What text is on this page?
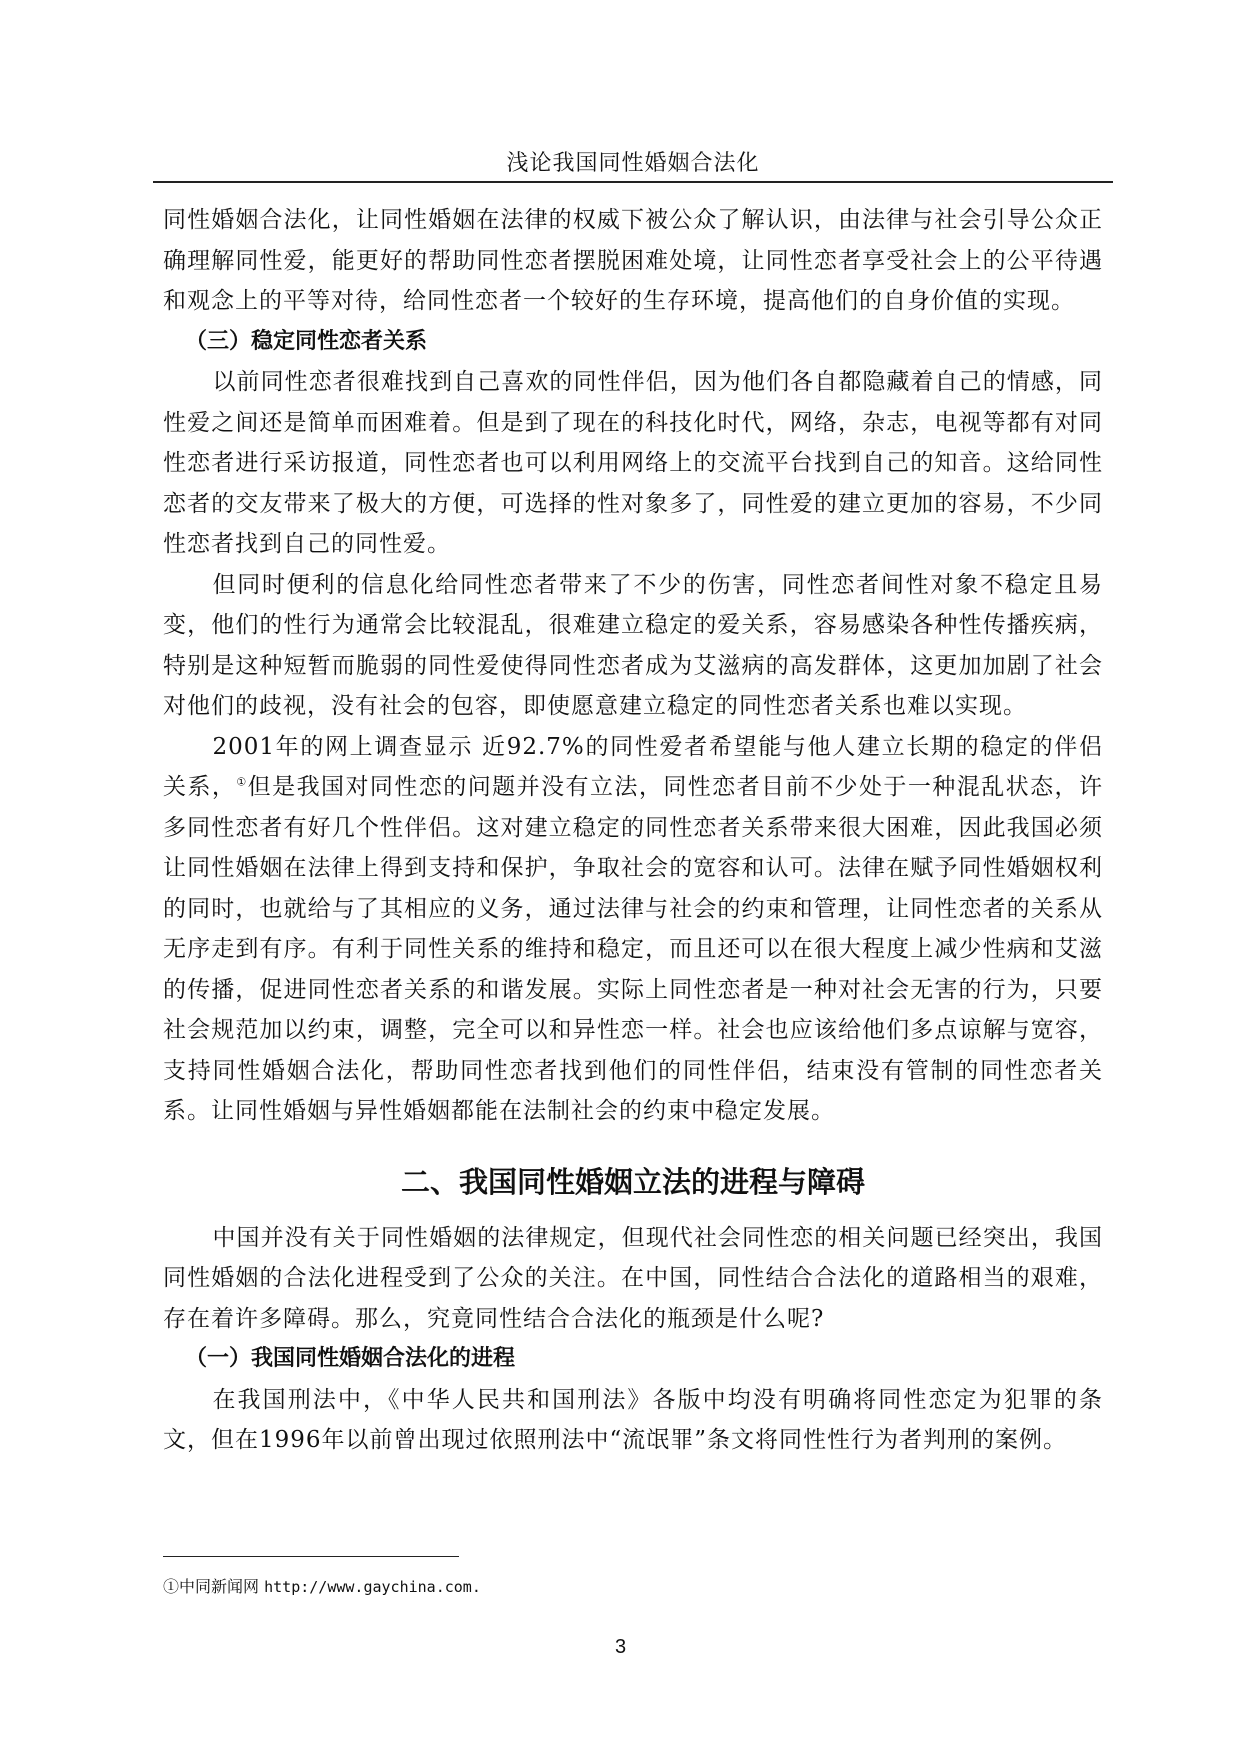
浅论我国同性婚姻合法化

同性婚姻合法化，让同性婚姻在法律的权威下被公众了解认识，由法律与社会引导公众正确理解同性爱，能更好的帮助同性恋者摆脱困难处境，让同性恋者享受社会上的公平待遇和观念上的平等对待，给同性恋者一个较好的生存环境，提高他们的自身价值的实现。

（三）稳定同性恋者关系

以前同性恋者很难找到自己喜欢的同性伴侣，因为他们各自都隐藏着自己的情感，同性爱之间还是简单而困难着。但是到了现在的科技化时代，网络，杂志，电视等都有对同性恋者进行采访报道，同性恋者也可以利用网络上的交流平台找到自己的知音。这给同性恋者的交友带来了极大的方便，可选择的性对象多了，同性爱的建立更加的容易，不少同性恋者找到自己的同性爱。

但同时便利的信息化给同性恋者带来了不少的伤害，同性恋者间性对象不稳定且易变，他们的性行为通常会比较混乱，很难建立稳定的爱关系，容易感染各种性传播疾病，特别是这种短暂而脆弱的同性爱使得同性恋者成为艾滋病的高发群体，这更加加剧了社会对他们的歧视，没有社会的包容，即使愿意建立稳定的同性恋者关系也难以实现。

2001年的网上调查显示 近92.7%的同性爱者希望能与他人建立长期的稳定的伴侣关系，①但是我国对同性恋的问题并没有立法，同性恋者目前不少处于一种混乱状态，许多同性恋者有好几个性伴侣。这对建立稳定的同性恋者关系带来很大困难，因此我国必须让同性婚姻在法律上得到支持和保护，争取社会的宽容和认可。法律在赋予同性婚姻权利的同时，也就给与了其相应的义务，通过法律与社会的约束和管理，让同性恋者的关系从无序走到有序。有利于同性关系的维持和稳定，而且还可以在很大程度上减少性病和艾滋的传播，促进同性恋者关系的和谐发展。实际上同性恋者是一种对社会无害的行为，只要社会规范加以约束，调整，完全可以和异性恋一样。社会也应该给他们多点谅解与宽容，支持同性婚姻合法化，帮助同性恋者找到他们的同性伴侣，结束没有管制的同性恋者关系。让同性婚姻与异性婚姻都能在法制社会的约束中稳定发展。

二、我国同性婚姻立法的进程与障碍

中国并没有关于同性婚姻的法律规定，但现代社会同性恋的相关问题已经突出，我国同性婚姻的合法化进程受到了公众的关注。在中国，同性结合合法化的道路相当的艰难，存在着许多障碍。那么，究竟同性结合合法化的瓶颈是什么呢?

（一）我国同性婚姻合法化的进程

在我国刑法中，《中华人民共和国刑法》各版中均没有明确将同性恋定为犯罪的条文，但在1996年以前曾出现过依照刑法中“流氓罪”条文将同性性行为者判刑的案例。

①中同新闻网 http://www.gaychina.com.
3
